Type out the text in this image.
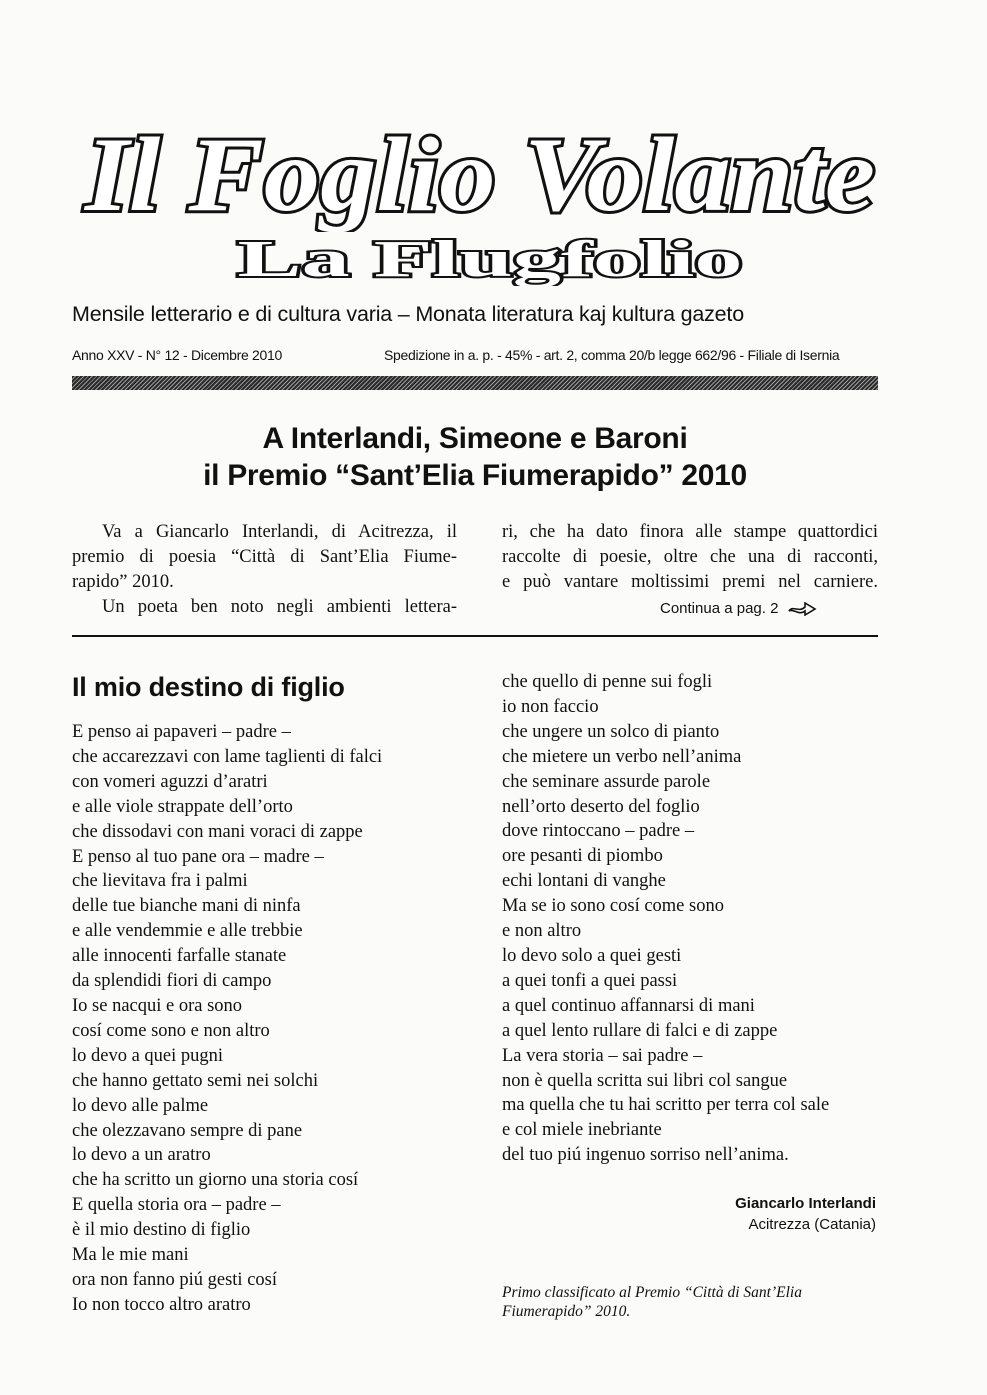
Il Foglio Volante
La Flugfolio
Mensile letterario e di cultura varia – Monata literatura kaj kultura gazeto
Anno XXV - N° 12 - Dicembre 2010	Spedizione in a. p. - 45% - art. 2, comma 20/b legge 662/96 - Filiale di Isernia
A Interlandi, Simeone e Baroni
il Premio “Sant’Elia Fiumerapido” 2010
Va a Giancarlo Interlandi, di Acitrezza, il
premio di poesia “Città di Sant’Elia Fiume-
rapido” 2010.
Un poeta ben noto negli ambienti lettera-
ri, che ha dato finora alle stampe quattordici
raccolte di poesie, oltre che una di racconti,
e può vantare moltissimi premi nel carniere.
Continua a pag. 2
Il mio destino di figlio
E penso ai papaveri – padre –
che accarezzavi con lame taglienti di falci
con vomeri aguzzi d’aratri
e alle viole strappate dell’orto
che dissodavi con mani voraci di zappe
E penso al tuo pane ora – madre –
che lievitava fra i palmi
delle tue bianche mani di ninfa
e alle vendemmie e alle trebbie
alle innocenti farfalle stanate
da splendidi fiori di campo
Io se nacqui e ora sono
cosí come sono e non altro
lo devo a quei pugni
che hanno gettato semi nei solchi
lo devo alle palme
che olezzavano sempre di pane
lo devo a un aratro
che ha scritto un giorno una storia cosí
E quella storia ora – padre –
è il mio destino di figlio
Ma le mie mani
ora non fanno piú gesti cosí
Io non tocco altro aratro
che quello di penne sui fogli
io non faccio
che ungere un solco di pianto
che mietere un verbo nell’anima
che seminare assurde parole
nell’orto deserto del foglio
dove rintoccano – padre –
ore pesanti di piombo
echi lontani di vanghe
Ma se io sono cosí come sono
e non altro
lo devo solo a quei gesti
a quei tonfi a quei passi
a quel continuo affannarsi di mani
a quel lento rullare di falci e di zappe
La vera storia – sai padre –
non è quella scritta sui libri col sangue
ma quella che tu hai scritto per terra col sale
e col miele inebriante
del tuo piú ingenuo sorriso nell’anima.
Giancarlo Interlandi
Acitrezza (Catania)
Primo classificato al Premio “Città di Sant’Elia Fiumerapido” 2010.
